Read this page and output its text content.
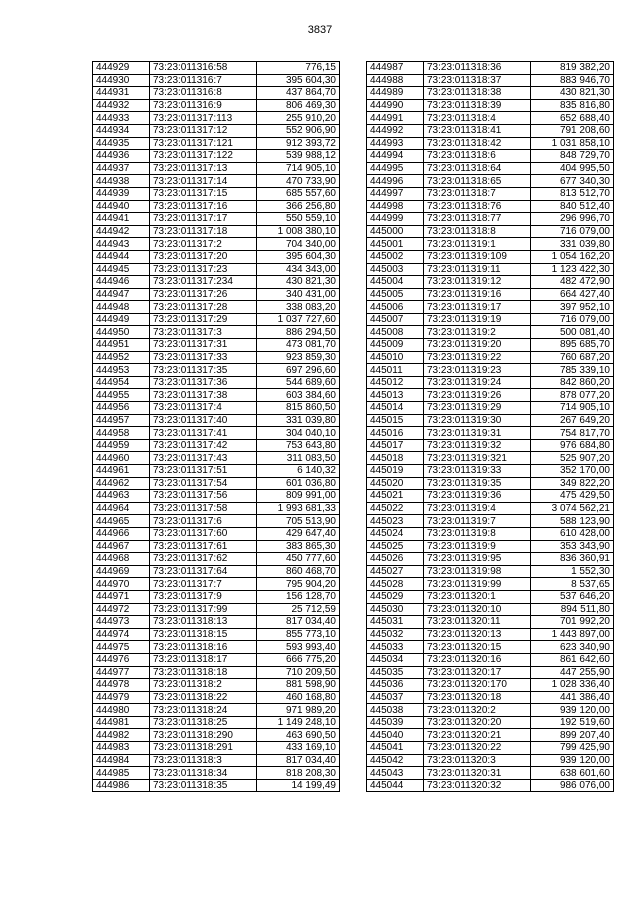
3837
444929	73:23:011316:58	776,15
444930	73:23:011316:7	395 604,30
444931	73:23:011316:8	437 864,70
444932	73:23:011316:9	806 469,30
444933	73:23:011317:113	255 910,20
444934	73:23:011317:12	552 906,90
444935	73:23:011317:121	912 393,72
444936	73:23:011317:122	539 988,12
444937	73:23:011317:13	714 905,10
444938	73:23:011317:14	470 733,90
444939	73:23:011317:15	685 557,60
444940	73:23:011317:16	366 256,80
444941	73:23:011317:17	550 559,10
444942	73:23:011317:18	1 008 380,10
444943	73:23:011317:2	704 340,00
444944	73:23:011317:20	395 604,30
444945	73:23:011317:23	434 343,00
444946	73:23:011317:234	430 821,30
444947	73:23:011317:26	340 431,00
444948	73:23:011317:28	338 083,20
444949	73:23:011317:29	1 037 727,60
444950	73:23:011317:3	886 294,50
444951	73:23:011317:31	473 081,70
444952	73:23:011317:33	923 859,30
444953	73:23:011317:35	697 296,60
444954	73:23:011317:36	544 689,60
444955	73:23:011317:38	603 384,60
444956	73:23:011317:4	815 860,50
444957	73:23:011317:40	331 039,80
444958	73:23:011317:41	304 040,10
444959	73:23:011317:42	753 643,80
444960	73:23:011317:43	311 083,50
444961	73:23:011317:51	6 140,32
444962	73:23:011317:54	601 036,80
444963	73:23:011317:56	809 991,00
444964	73:23:011317:58	1 993 681,33
444965	73:23:011317:6	705 513,90
444966	73:23:011317:60	429 647,40
444967	73:23:011317:61	383 865,30
444968	73:23:011317:62	450 777,60
444969	73:23:011317:64	860 468,70
444970	73:23:011317:7	795 904,20
444971	73:23:011317:9	156 128,70
444972	73:23:011317:99	25 712,59
444973	73:23:011318:13	817 034,40
444974	73:23:011318:15	855 773,10
444975	73:23:011318:16	593 993,40
444976	73:23:011318:17	666 775,20
444977	73:23:011318:18	710 209,50
444978	73:23:011318:2	881 598,90
444979	73:23:011318:22	460 168,80
444980	73:23:011318:24	971 989,20
444981	73:23:011318:25	1 149 248,10
444982	73:23:011318:290	463 690,50
444983	73:23:011318:291	433 169,10
444984	73:23:011318:3	817 034,40
444985	73:23:011318:34	818 208,30
444986	73:23:011318:35	14 199,49
444987	73:23:011318:36	819 382,20
444988	73:23:011318:37	883 946,70
444989	73:23:011318:38	430 821,30
444990	73:23:011318:39	835 816,80
444991	73:23:011318:4	652 688,40
444992	73:23:011318:41	791 208,60
444993	73:23:011318:42	1 031 858,10
444994	73:23:011318:6	848 729,70
444995	73:23:011318:64	404 995,50
444996	73:23:011318:65	677 340,30
444997	73:23:011318:7	813 512,70
444998	73:23:011318:76	840 512,40
444999	73:23:011318:77	296 996,70
445000	73:23:011318:8	716 079,00
445001	73:23:011319:1	331 039,80
445002	73:23:011319:109	1 054 162,20
445003	73:23:011319:11	1 123 422,30
445004	73:23:011319:12	482 472,90
445005	73:23:011319:16	664 427,40
445006	73:23:011319:17	397 952,10
445007	73:23:011319:19	716 079,00
445008	73:23:011319:2	500 081,40
445009	73:23:011319:20	895 685,70
445010	73:23:011319:22	760 687,20
445011	73:23:011319:23	785 339,10
445012	73:23:011319:24	842 860,20
445013	73:23:011319:26	878 077,20
445014	73:23:011319:29	714 905,10
445015	73:23:011319:30	267 649,20
445016	73:23:011319:31	754 817,70
445017	73:23:011319:32	976 684,80
445018	73:23:011319:321	525 907,20
445019	73:23:011319:33	352 170,00
445020	73:23:011319:35	349 822,20
445021	73:23:011319:36	475 429,50
445022	73:23:011319:4	3 074 562,21
445023	73:23:011319:7	588 123,90
445024	73:23:011319:8	610 428,00
445025	73:23:011319:9	353 343,90
445026	73:23:011319:95	836 360,91
445027	73:23:011319:98	1 552,30
445028	73:23:011319:99	8 537,65
445029	73:23:011320:1	537 646,20
445030	73:23:011320:10	894 511,80
445031	73:23:011320:11	701 992,20
445032	73:23:011320:13	1 443 897,00
445033	73:23:011320:15	623 340,90
445034	73:23:011320:16	861 642,60
445035	73:23:011320:17	447 255,90
445036	73:23:011320:170	1 028 336,40
445037	73:23:011320:18	441 386,40
445038	73:23:011320:2	939 120,00
445039	73:23:011320:20	192 519,60
445040	73:23:011320:21	899 207,40
445041	73:23:011320:22	799 425,90
445042	73:23:011320:3	939 120,00
445043	73:23:011320:31	638 601,60
445044	73:23:011320:32	986 076,00
